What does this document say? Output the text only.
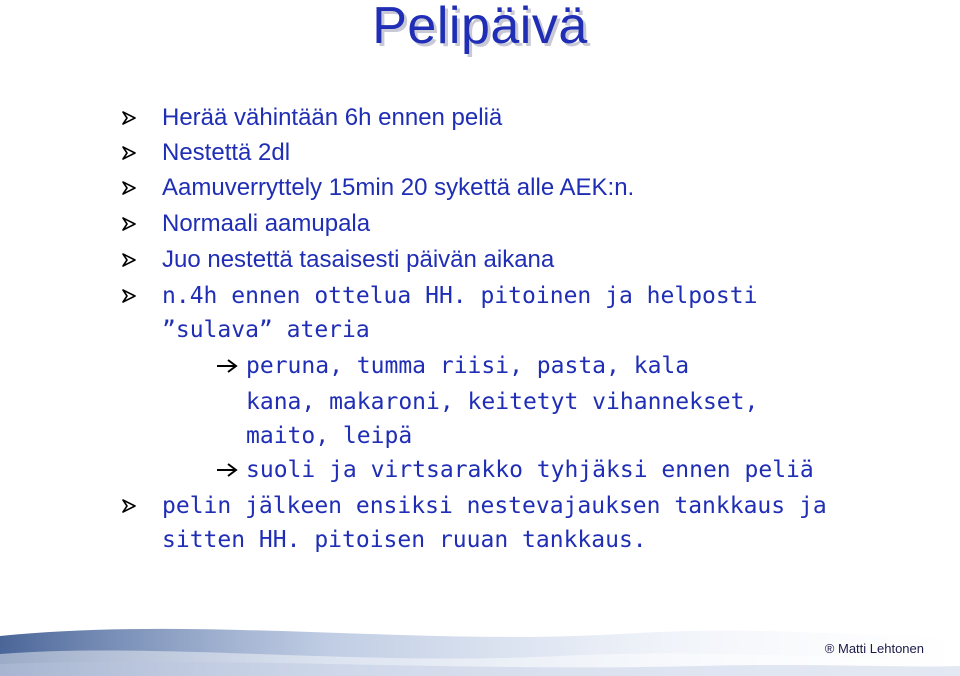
Pelipäivä
Herää vähintään 6h ennen peliä
Nestettä 2dl
Aamuverryttely 15min 20 sykettä alle AEK:n.
Normaali aamupala
Juo nestettä tasaisesti päivän aikana
n.4h ennen ottelua HH. pitoinen ja helposti
”sulava” ateria
peruna, tumma riisi, pasta, kala
kana, makaroni, keitetyt vihannekset,
maito, leipä
suoli ja virtsarakko tyhjäksi ennen peliä
pelin jälkeen ensiksi nestevajauksen tankkaus ja
sitten HH. pitoisen ruuan tankkaus.
® Matti Lehtonen
